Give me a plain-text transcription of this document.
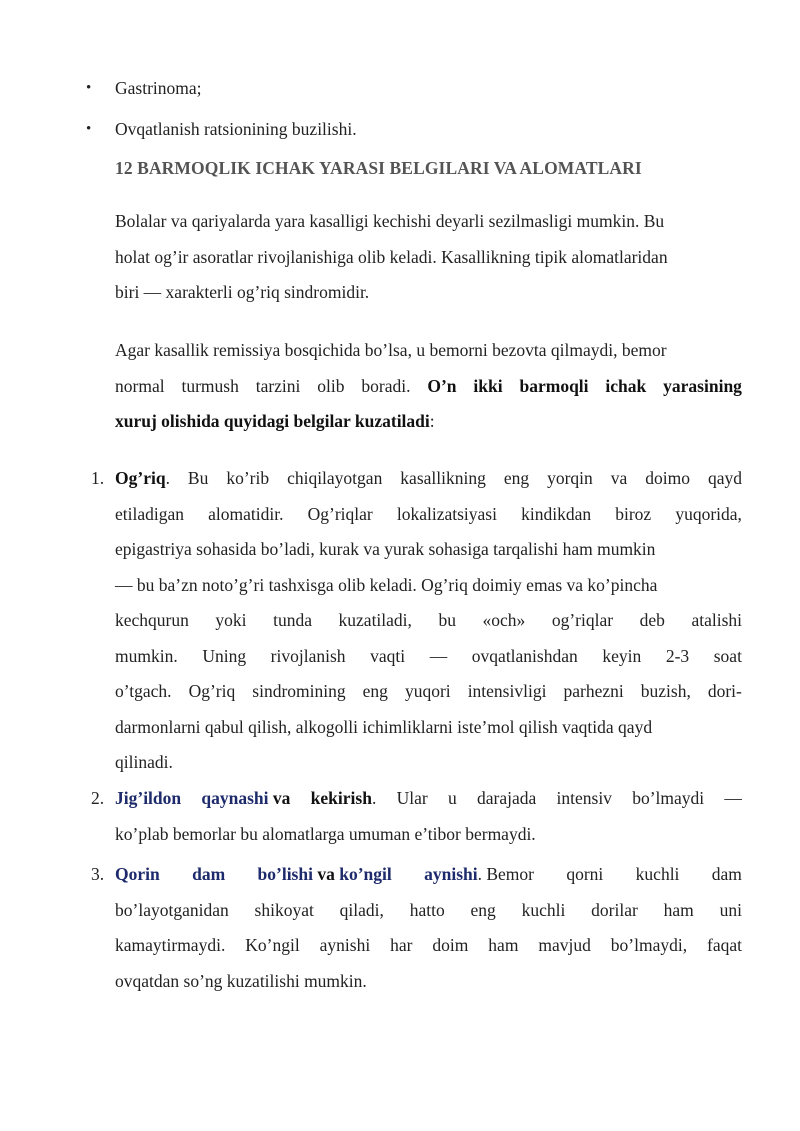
• Gastrinoma;
• Ovqatlanish ratsionining buzilishi.
12 BARMOQLIK ICHAK YARASI BELGILARI VA ALOMATLARI
Bolalar va qariyalarda yara kasalligi kechishi deyarli sezilmasligi mumkin. Bu
holat og’ir asoratlar rivojlanishiga olib keladi. Kasallikning tipik alomatlaridan
biri — xarakterli og’riq sindromidir.
Agar kasallik remissiya bosqichida bo’lsa, u bemorni bezovta qilmaydi, bemor
normal turmush tarzini olib boradi. O’n ikki barmoqli ichak yarasining
xuruj olishida quyidagi belgilar kuzatiladi:
1. Og’riq. Bu ko’rib chiqilayotgan kasallikning eng yorqin va doimo qayd
etiladigan alomatidir. Og’riqlar lokalizatsiyasi kindikdan biroz yuqorida,
epigastriya sohasida bo’ladi, kurak va yurak sohasiga tarqalishi ham mumkin
— bu ba’zn noto’g’ri tashxisga olib keladi. Og’riq doimiy emas va ko’pincha
kechqurun yoki tunda kuzatiladi, bu «och» og’riqlar deb atalishi
mumkin. Uning rivojlanish vaqti — ovqatlanishdan keyin 2-3 soat
o’tgach. Og’riq sindromining eng yuqori intensivligi parhezni buzish, dori-
darmonlarni qabul qilish, alkogolli ichimliklarni iste’mol qilish vaqtida qayd
qilinadi.
2. Jig’ildon qaynashi va kekirish. Ular u darajada intensiv bo’lmaydi —
ko’plab bemorlar bu alomatlarga umuman e’tibor bermaydi.
3. Qorin dam bo’lishi va ko’ngil aynishi. Bemor qorni kuchli dam
bo’layotganidan shikoyat qiladi, hatto eng kuchli dorilar ham uni
kamaytirmaydi. Ko’ngil aynishi har doim ham mavjud bo’lmaydi, faqat
ovqatdan so’ng kuzatilishi mumkin.
